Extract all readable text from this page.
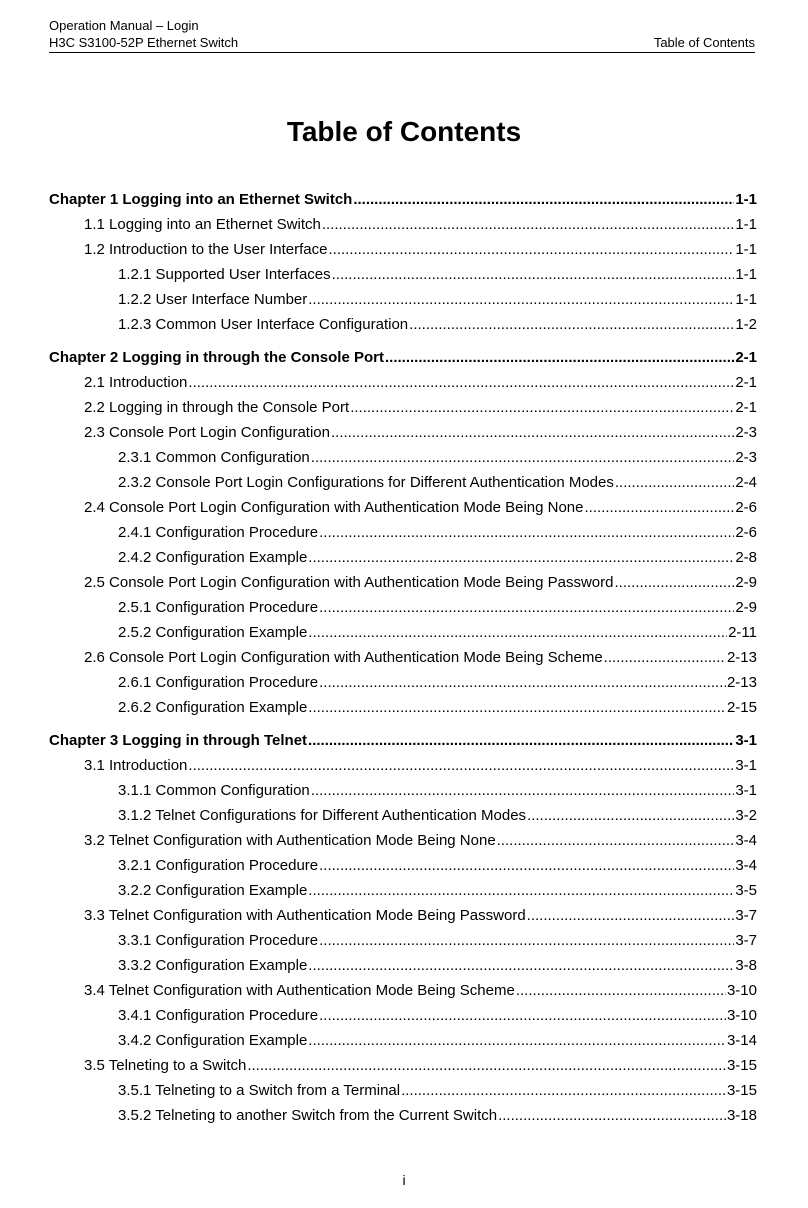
Operation Manual – Login
H3C S3100-52P Ethernet Switch	Table of Contents
Table of Contents
Chapter 1 Logging into an Ethernet Switch .....	1-1
1.1 Logging into an Ethernet Switch .....	1-1
1.2 Introduction to the User Interface .....	1-1
1.2.1 Supported User Interfaces .....	1-1
1.2.2 User Interface Number .....	1-1
1.2.3 Common User Interface Configuration .....	1-2
Chapter 2 Logging in through the Console Port .....	2-1
2.1 Introduction .....	2-1
2.2 Logging in through the Console Port .....	2-1
2.3 Console Port Login Configuration .....	2-3
2.3.1 Common Configuration .....	2-3
2.3.2 Console Port Login Configurations for Different Authentication Modes .....	2-4
2.4 Console Port Login Configuration with Authentication Mode Being None .....	2-6
2.4.1 Configuration Procedure .....	2-6
2.4.2 Configuration Example .....	2-8
2.5 Console Port Login Configuration with Authentication Mode Being Password .....	2-9
2.5.1 Configuration Procedure .....	2-9
2.5.2 Configuration Example .....	2-11
2.6 Console Port Login Configuration with Authentication Mode Being Scheme .....	2-13
2.6.1 Configuration Procedure .....	2-13
2.6.2 Configuration Example .....	2-15
Chapter 3 Logging in through Telnet .....	3-1
3.1 Introduction .....	3-1
3.1.1 Common Configuration .....	3-1
3.1.2 Telnet Configurations for Different Authentication Modes .....	3-2
3.2 Telnet Configuration with Authentication Mode Being None .....	3-4
3.2.1 Configuration Procedure .....	3-4
3.2.2 Configuration Example .....	3-5
3.3 Telnet Configuration with Authentication Mode Being Password .....	3-7
3.3.1 Configuration Procedure .....	3-7
3.3.2 Configuration Example .....	3-8
3.4 Telnet Configuration with Authentication Mode Being Scheme .....	3-10
3.4.1 Configuration Procedure .....	3-10
3.4.2 Configuration Example .....	3-14
3.5 Telneting to a Switch .....	3-15
3.5.1 Telneting to a Switch from a Terminal .....	3-15
3.5.2 Telneting to another Switch from the Current Switch .....	3-18
i
